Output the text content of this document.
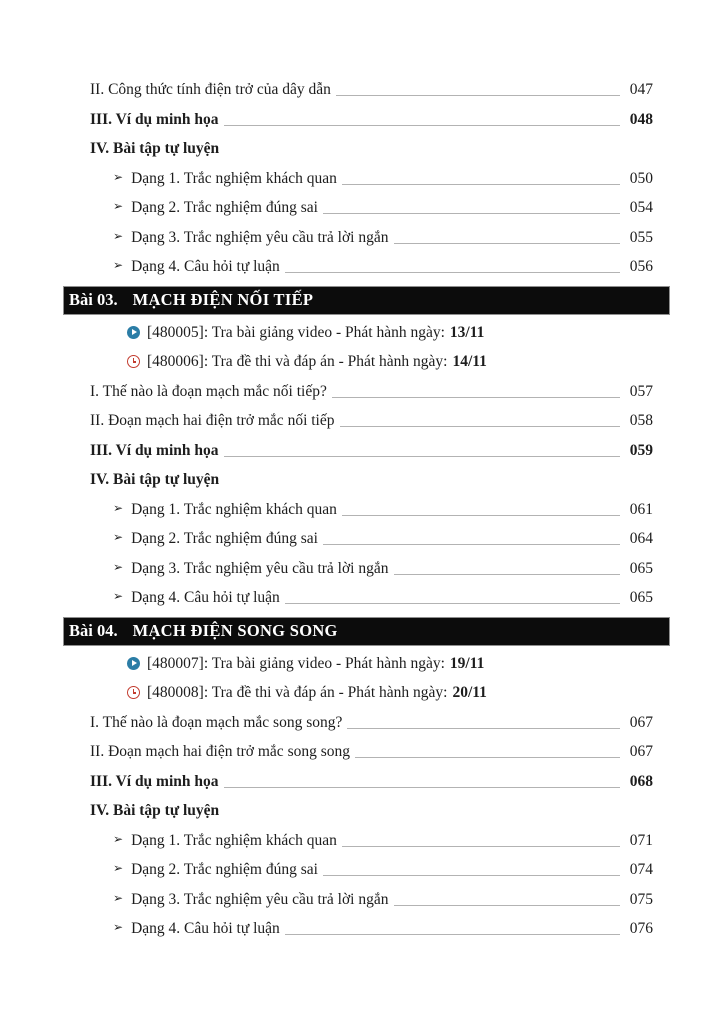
II. Công thức tính điện trở của dây dẫn	047
III. Ví dụ minh họa	048
IV. Bài tập tự luyện
➢ Dạng 1. Trắc nghiệm khách quan	050
➢ Dạng 2. Trắc nghiệm đúng sai	054
➢ Dạng 3. Trắc nghiệm yêu cầu trả lời ngắn	055
➢ Dạng 4. Câu hỏi tự luận	056
Bài 03. MẠCH ĐIỆN NỐI TIẾP
[480005]: Tra bài giảng video - Phát hành ngày: 13/11
[480006]: Tra đề thi và đáp án - Phát hành ngày: 14/11
I. Thế nào là đoạn mạch mắc nối tiếp?	057
II. Đoạn mạch hai điện trở mắc nối tiếp	058
III. Ví dụ minh họa	059
IV. Bài tập tự luyện
➢ Dạng 1. Trắc nghiệm khách quan	061
➢ Dạng 2. Trắc nghiệm đúng sai	064
➢ Dạng 3. Trắc nghiệm yêu cầu trả lời ngắn	065
➢ Dạng 4. Câu hỏi tự luận	065
Bài 04. MẠCH ĐIỆN SONG SONG
[480007]: Tra bài giảng video - Phát hành ngày: 19/11
[480008]: Tra đề thi và đáp án - Phát hành ngày: 20/11
I. Thế nào là đoạn mạch mắc song song?	067
II. Đoạn mạch hai điện trở mắc song song	067
III. Ví dụ minh họa	068
IV. Bài tập tự luyện
➢ Dạng 1. Trắc nghiệm khách quan	071
➢ Dạng 2. Trắc nghiệm đúng sai	074
➢ Dạng 3. Trắc nghiệm yêu cầu trả lời ngắn	075
➢ Dạng 4. Câu hỏi tự luận	076
